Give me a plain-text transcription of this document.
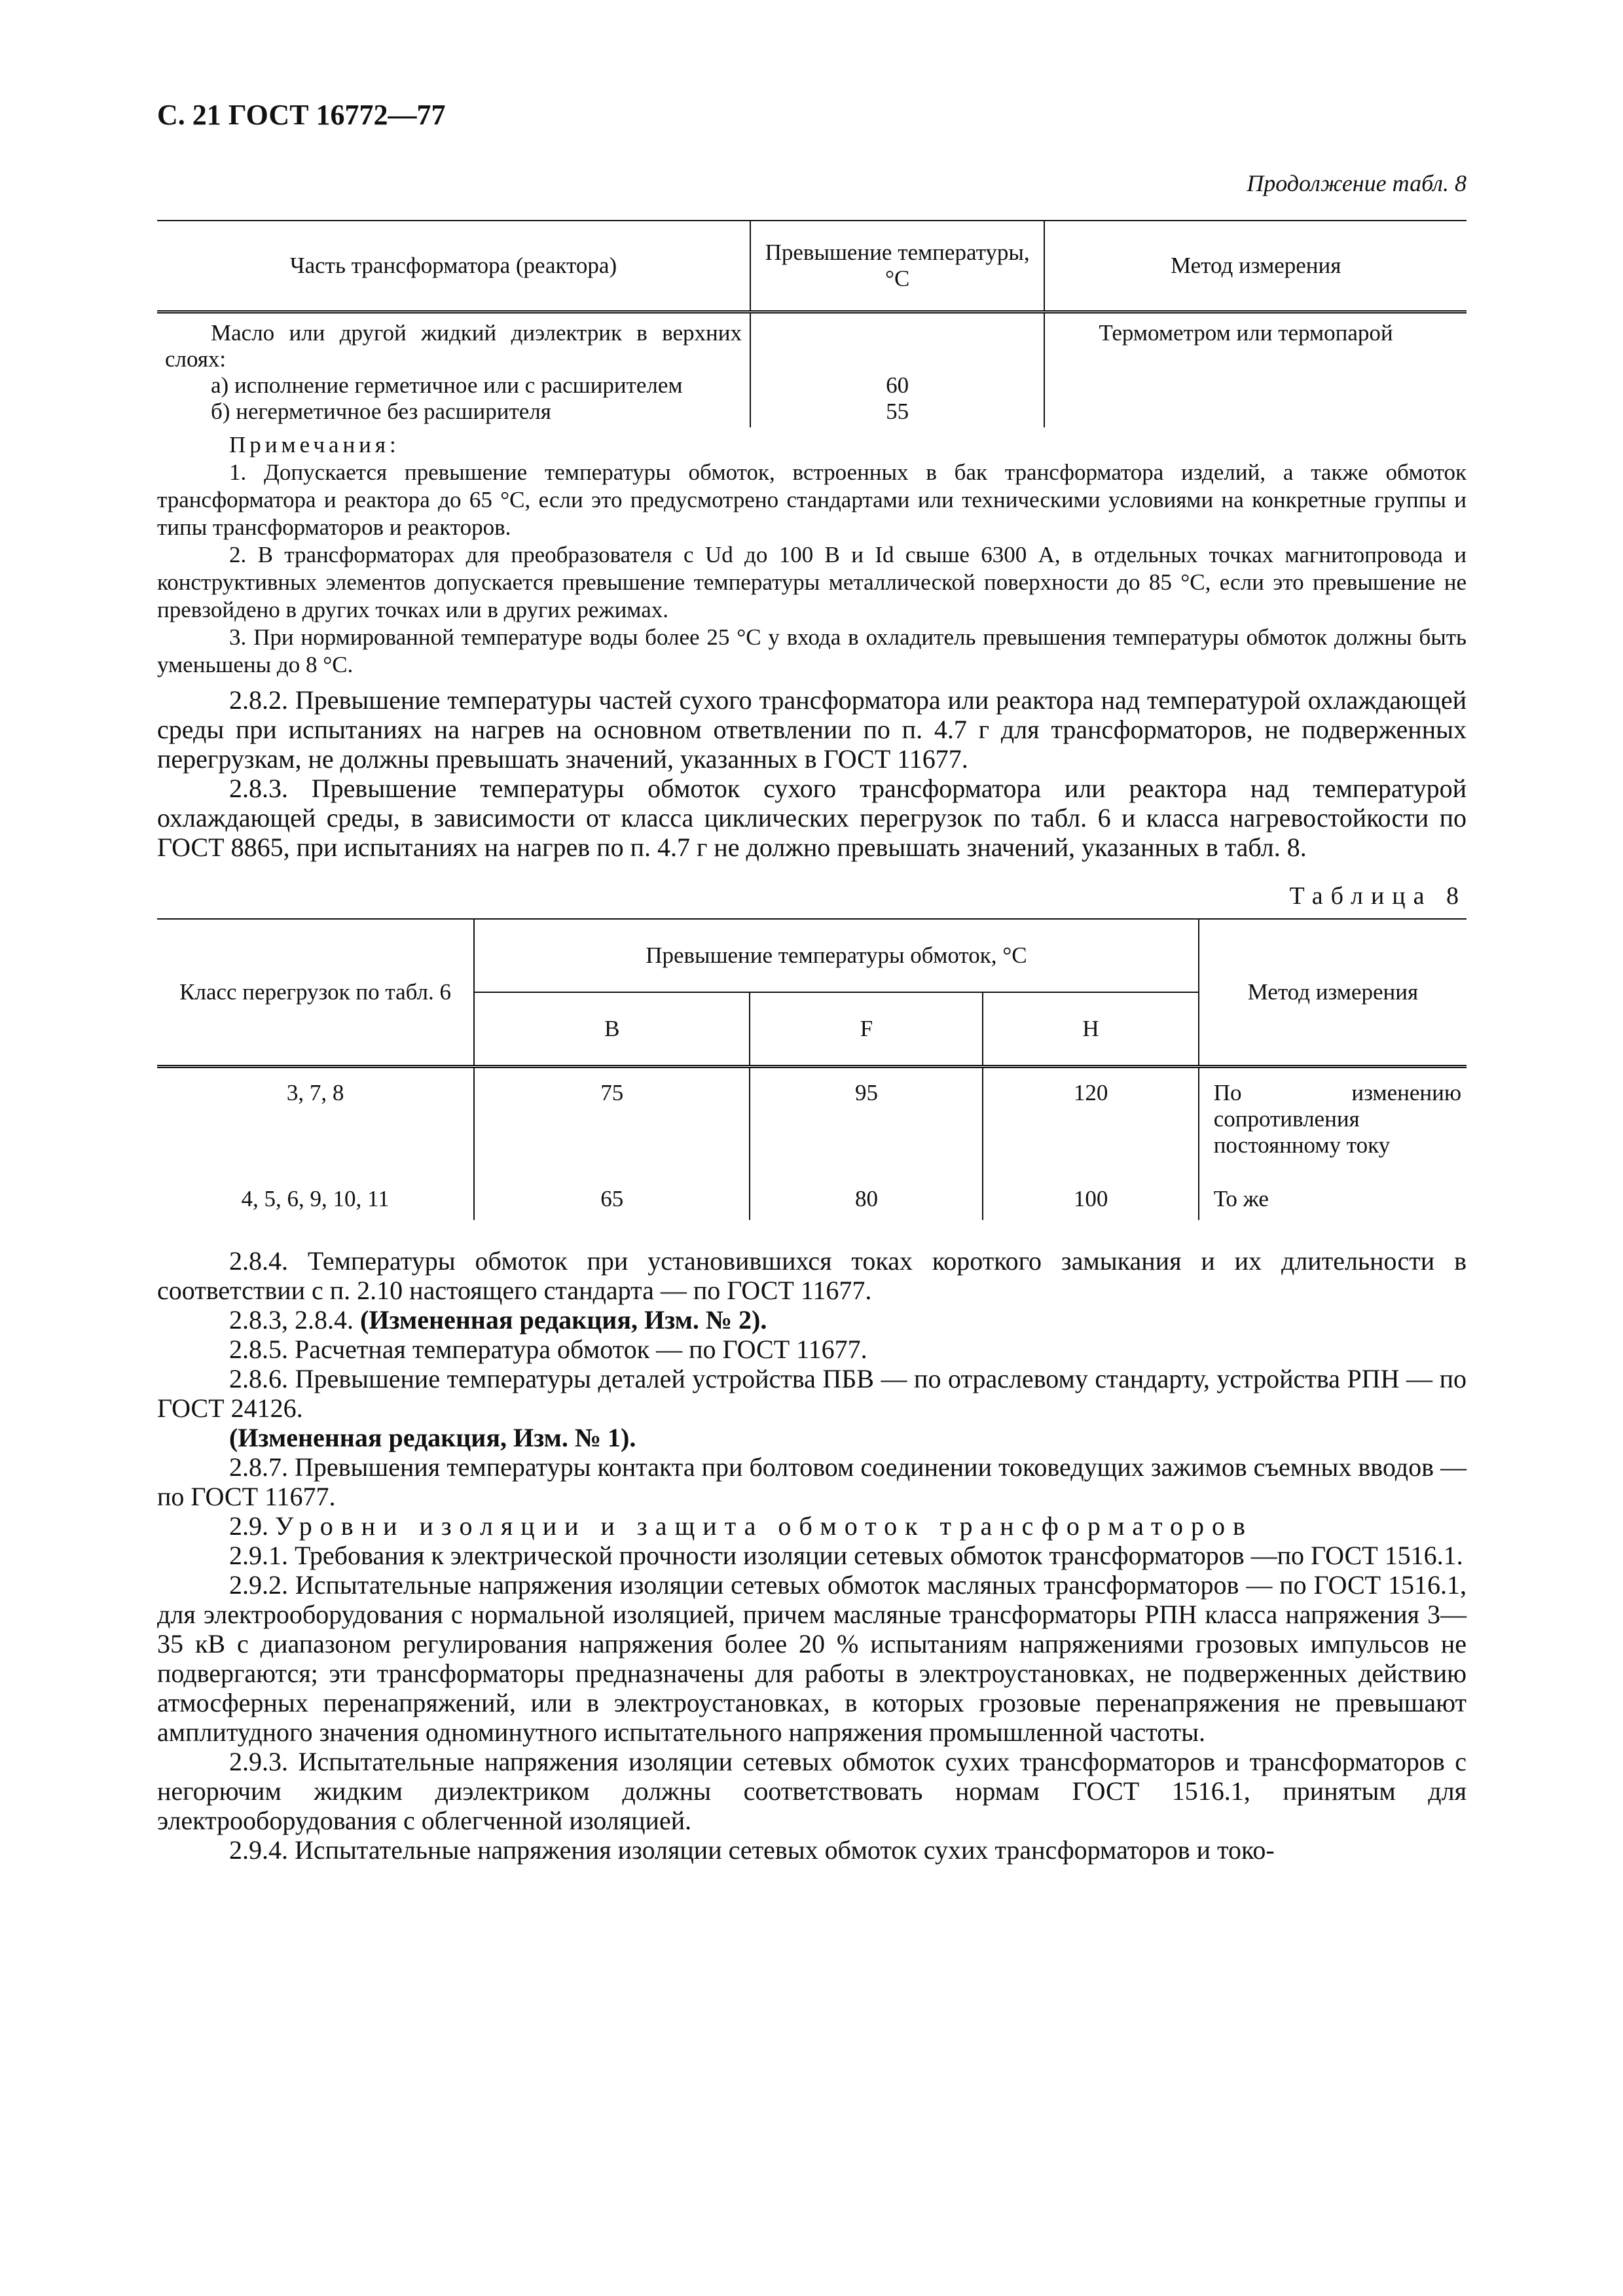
С. 21 ГОСТ 16772—77
Продолжение табл. 8
Часть трансформатора (реактора)	Превышение температуры, °С	Метод измерения
Масло или другой жидкий диэлектрик в верхних слоях:		Термометром или термопарой
а) исполнение герметичное или с расширителем	60	
б) негерметичное без расширителя	55	
Примечания:

1. Допускается превышение температуры обмоток, встроенных в бак трансформатора изделий, а также обмоток трансформатора и реактора до 65 °С, если это предусмотрено стандартами или техническими условиями на конкретные группы и типы трансформаторов и реакторов.

2. В трансформаторах для преобразователя с Ud до 100 В и Id свыше 6300 А, в отдельных точках магнитопровода и конструктивных элементов допускается превышение температуры металлической поверхности до 85 °С, если это превышение не превзойдено в других точках или в других режимах.

3. При нормированной температуре воды более 25 °С у входа в охладитель превышения температуры обмоток должны быть уменьшены до 8 °С.

2.8.2. Превышение температуры частей сухого трансформатора или реактора над температурой охлаждающей среды при испытаниях на нагрев на основном ответвлении по п. 4.7 г для трансформаторов, не подверженных перегрузкам, не должны превышать значений, указанных в ГОСТ 11677.

2.8.3. Превышение температуры обмоток сухого трансформатора или реактора над температурой охлаждающей среды, в зависимости от класса циклических перегрузок по табл. 6 и класса нагревостойкости по ГОСТ 8865, при испытаниях на нагрев по п. 4.7 г не должно превышать значений, указанных в табл. 8.

Таблица 8
Класс перегрузок по табл. 6	Превышение температуры обмоток, °С			Метод измерения
	B	F	H	
3, 7, 8	75	95	120	По изменению сопротивления постоянному току
4, 5, 6, 9, 10, 11	65	80	100	То же

2.8.4. Температуры обмоток при установившихся токах короткого замыкания и их длительности в соответствии с п. 2.10 настоящего стандарта — по ГОСТ 11677.

2.8.3, 2.8.4. (Измененная редакция, Изм. № 2).

2.8.5. Расчетная температура обмоток — по ГОСТ 11677.

2.8.6. Превышение температуры деталей устройства ПБВ — по отраслевому стандарту, устройства РПН — по ГОСТ 24126.

(Измененная редакция, Изм. № 1).

2.8.7. Превышения температуры контакта при болтовом соединении токоведущих зажимов съемных вводов — по ГОСТ 11677.

2.9. Уровни изоляции и защита обмоток трансформаторов

2.9.1. Требования к электрической прочности изоляции сетевых обмоток трансформаторов —по ГОСТ 1516.1.

2.9.2. Испытательные напряжения изоляции сетевых обмоток масляных трансформаторов — по ГОСТ 1516.1, для электрооборудования с нормальной изоляцией, причем масляные трансформаторы РПН класса напряжения 3—35 кВ с диапазоном регулирования напряжения более 20 % испытаниям напряжениями грозовых импульсов не подвергаются; эти трансформаторы предназначены для работы в электроустановках, не подверженных действию атмосферных перенапряжений, или в электроустановках, в которых грозовые перенапряжения не превышают амплитудного значения одноминутного испытательного напряжения промышленной частоты.

2.9.3. Испытательные напряжения изоляции сетевых обмоток сухих трансформаторов и трансформаторов с негорючим жидким диэлектриком должны соответствовать нормам ГОСТ 1516.1, принятым для электрооборудования с облегченной изоляцией.

2.9.4. Испытательные напряжения изоляции сетевых обмоток сухих трансформаторов и токо-
